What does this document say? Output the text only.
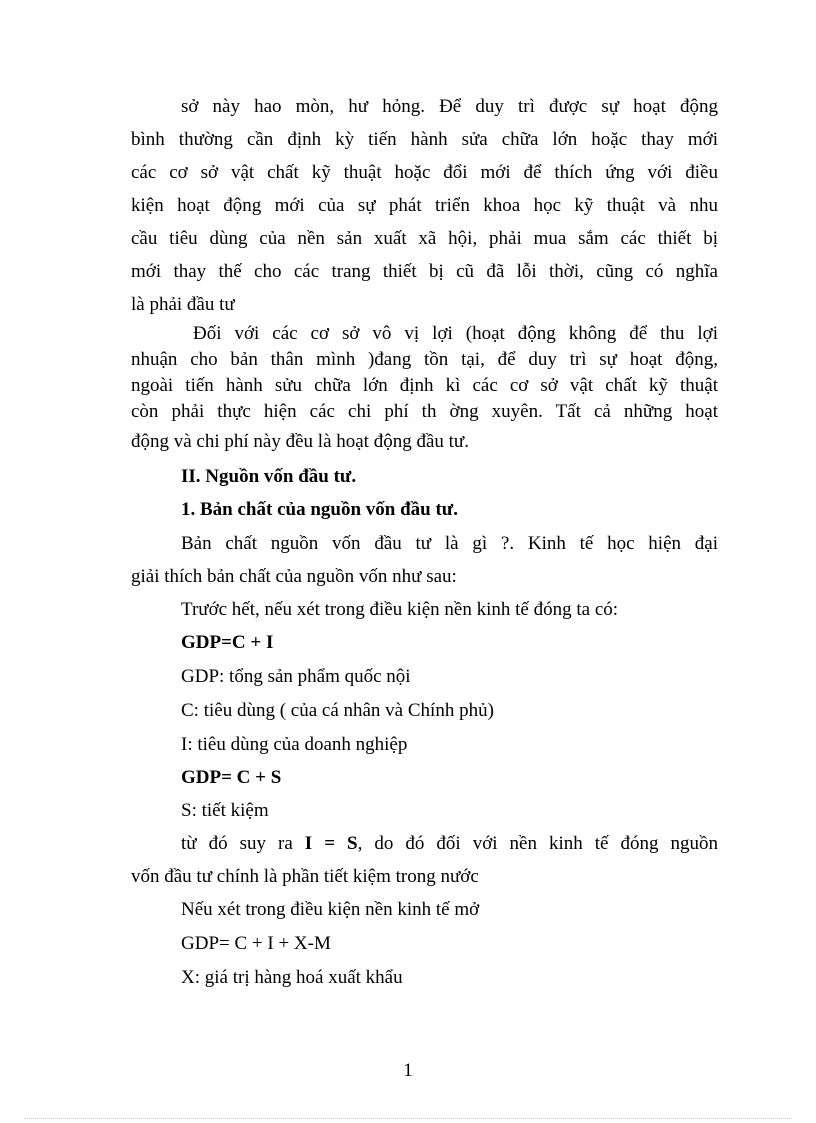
sở này hao mòn, hư hỏng. Để duy trì được sự hoạt động
bình thường cần định kỳ tiến hành sửa chữa lớn hoặc thay mới
các cơ sở vật chất kỹ thuật hoặc đổi mới để thích ứng với điều
kiện hoạt động mới của sự phát triển khoa học kỹ thuật và nhu
cầu tiêu dùng của nền sản xuất xã hội, phải mua sắm các thiết bị
mới thay thế cho các trang thiết bị cũ đã lỗi thời, cũng có nghĩa
là phải đầu tư
Đối với các cơ sở vô vị lợi (hoạt động không để thu lợi
nhuận cho bản thân mình )đang tồn tại, để duy trì sự hoạt động,
ngoài tiến hành sửu chữa lớn định kì các cơ sở vật chất kỹ thuật
còn phải thực hiện các chi phí th ờng xuyên. Tất cả những hoạt
động và chi phí này đều là hoạt động đầu tư.
II. Nguồn vốn đầu tư.
1. Bản chất của nguồn vốn đầu tư.
Bản chất nguồn vốn đầu tư là gì ?. Kinh tế học hiện đại
giải thích bản chất của nguồn vốn như sau:
Trước hết, nếu xét trong điều kiện nền kinh tế đóng ta có:
GDP=C + I
GDP: tổng sản phẩm quốc nội
C: tiêu dùng ( của cá nhân và Chính phủ)
I: tiêu dùng của doanh nghiệp
GDP= C + S
S: tiết kiệm
từ đó suy ra I = S, do đó đối với nền kinh tế đóng nguồn
vốn đầu tư chính là phần tiết kiệm trong nước
Nếu xét trong điều kiện nền kinh tế mở
GDP= C + I + X-M
X: giá trị hàng hoá xuất khẩu
1
